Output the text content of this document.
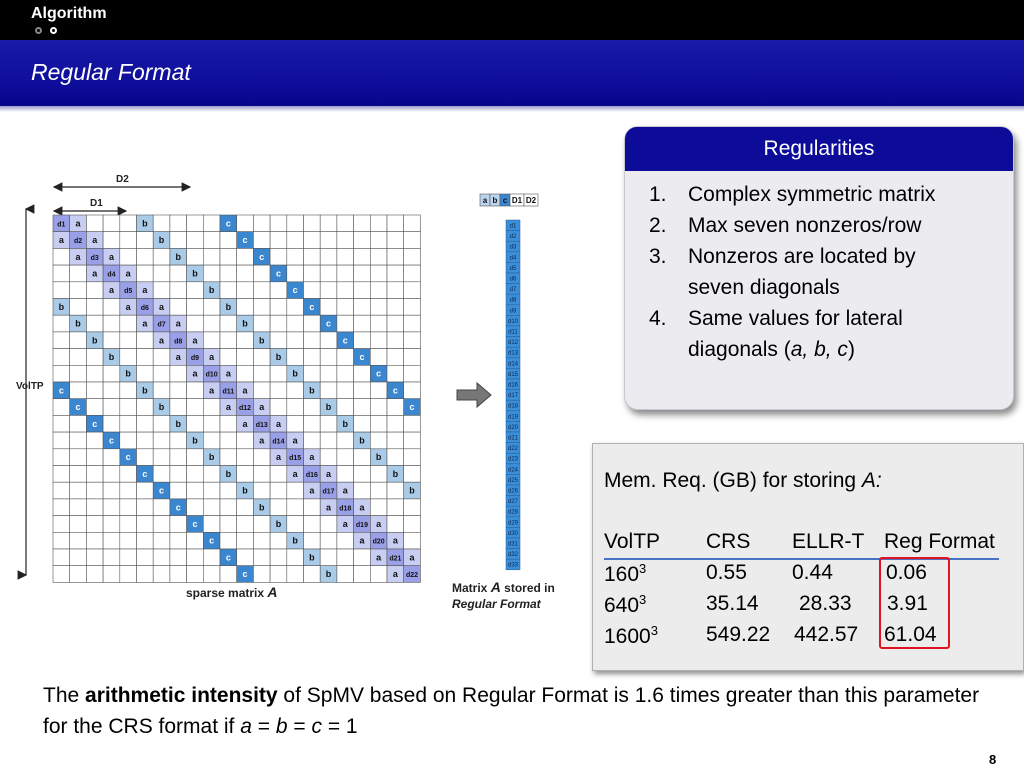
Algorithm
Regular Format
D2
D1
VolTP
d1 a	b	c
a d2 a	b	c
a d3 a	b	c
a d4 a	b	c
a d5 a	b	c
b	a d6 a	b	c
b	a d7 a	b	c
b	a d8 a	b	c
b	a d9 a	b	c
b	a d10 a	b	c
c	b	a d11 a	b	c
c	b	a d12 a	b	c
c	b	a d13 a	b
c	b	a d14 a	b
c	b	a d15 a	b
c	b	a d16 a	b
c	b	a d17 a	b
c	b	a d18 a
c	b	a d19 a
c	b	a d20 a
c	b	a d21 a
c	b	a d22
sparse matrix A
a b c D1 D2
d1
d2
d3
d4
d5
d6
d7
d8
d9
d10
d11
d12
d13
d14
d15
d16
d17
d18
d19
d20
d21
d22
d23
d24
d25
d26
d27
d28
d29
d30
d31
d32
d33
Matrix A stored in
Regular Format
Regularities
1. Complex symmetric matrix
2. Max seven nonzeros/row
3. Nonzeros are located by
seven diagonals
4. Same values for lateral
diagonals (a, b, c)
Mem. Req. (GB) for storing A:
VolTP CRS ELLR-T Reg Format
$160^3$	0.55 0.44	0.06
$640^3$	35.14 28.33 3.91
1600$^3$ 549.22 442.57 61.04
The arithmetic intensity of SpMV based on Regular Format is 1.6 times greater than this parameter for the CRS format if a = b = c = 1
8
